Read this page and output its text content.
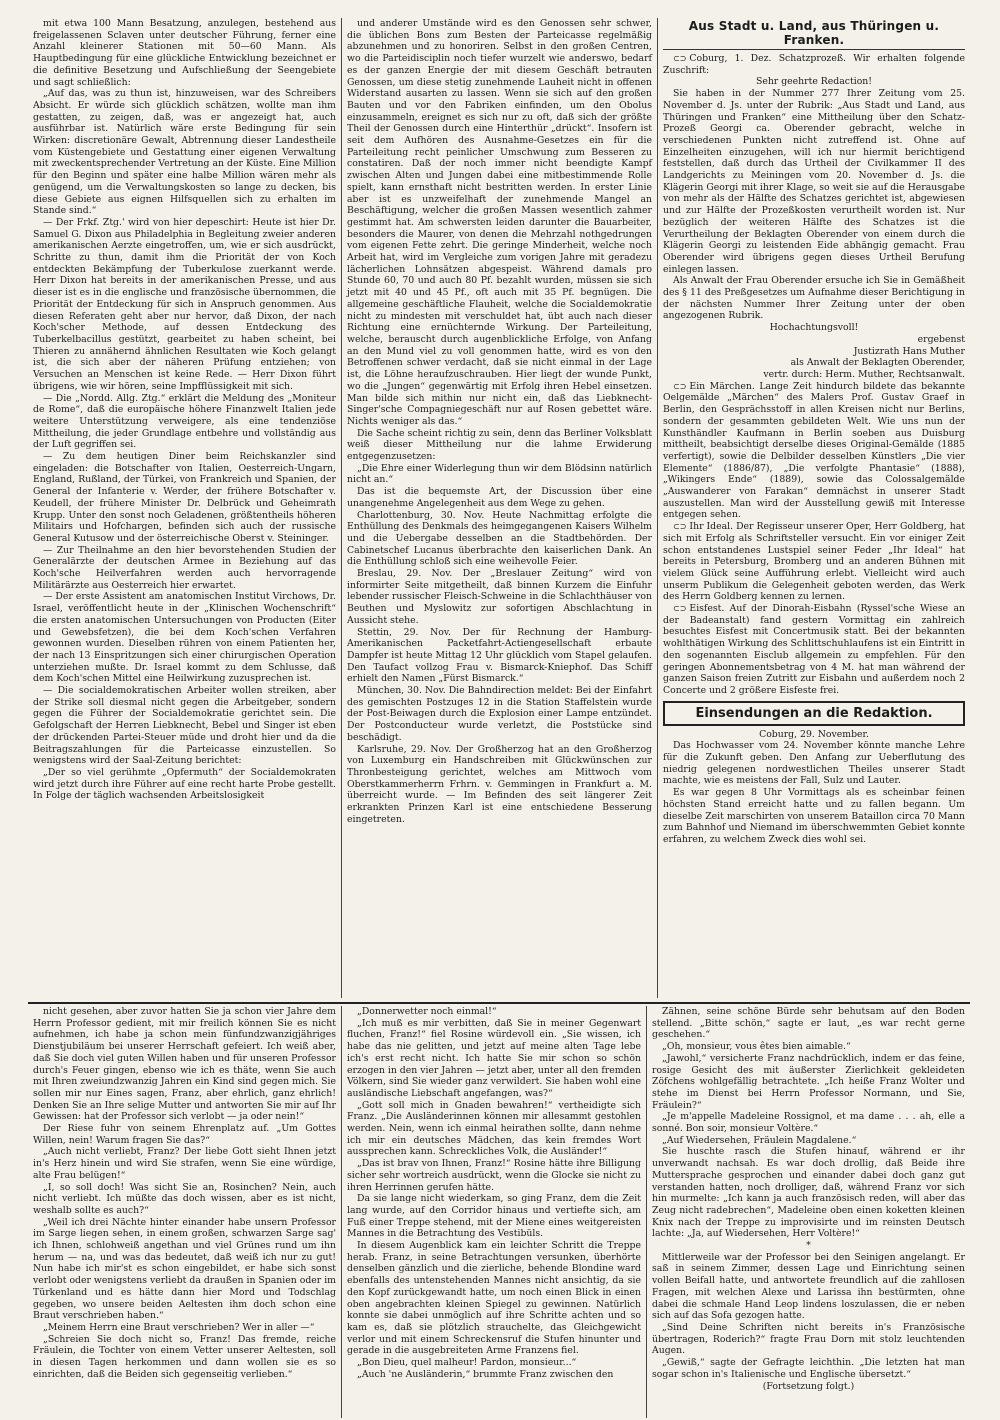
mit etwa 100 Mann Besatzung, anzulegen, bestehend aus freigelassenen Sclaven unter deutscher Führung, ferner eine Anzahl kleinerer Stationen mit 50—60 Mann. Als Hauptbedingung für eine glückliche Entwicklung bezeichnet er die definitive Besetzung und Aufschließung der Seengebiete und sagt schließlich:

„Auf das, was zu thun ist, hinzuweisen, war des Schreibers Absicht. Er würde sich glücklich schätzen, wollte man ihm gestatten, zu zeigen, daß, was er angezeigt hat, auch ausführbar ist. Natürlich wäre erste Bedingung für sein Wirken: discretionäre Gewalt, Abtrennung dieser Landestheile vom Küstengebiete und Gestattung einer eigenen Verwaltung mit zweckentsprechender Vertretung an der Küste. Eine Million für den Beginn und später eine halbe Million wären mehr als genügend, um die Verwaltungskosten so lange zu decken, bis diese Gebiete aus eignen Hilfsquellen sich zu erhalten im Stande sind.“

— Der Frkf. Ztg.' wird von hier depeschirt: Heute ist hier Dr. Samuel G. Dixon aus Philadelphia in Begleitung zweier anderen amerikanischen Aerzte eingetroffen, um, wie er sich ausdrückt, Schritte zu thun, damit ihm die Priorität der von Koch entdeckten Bekämpfung der Tuberkulose zuerkannt werde. Herr Dixon hat bereits in der amerikanischen Presse, und aus dieser ist es in die englische und französische übernommen, die Priorität der Entdeckung für sich in Anspruch genommen. Aus diesen Referaten geht aber nur hervor, daß Dixon, der nach Koch'scher Methode, auf dessen Entdeckung des Tuberkelbacillus gestützt, gearbeitet zu haben scheint, bei Thieren zu annähernd ähnlichen Resultaten wie Koch gelangt ist, die sich aber der näheren Prüfung entziehen; von Versuchen an Menschen ist keine Rede. — Herr Dixon führt übrigens, wie wir hören, seine Impfflüssigkeit mit sich.

— Die „Nordd. Allg. Ztg.“ erklärt die Meldung des „Moniteur de Rome“, daß die europäische höhere Finanzwelt Italien jede weitere Unterstützung verweigere, als eine tendenziöse Mittheilung, die jeder Grundlage entbehre und vollständig aus der Luft gegriffen sei.

— Zu dem heutigen Diner beim Reichskanzler sind eingeladen: die Botschafter von Italien, Oesterreich-Ungarn, England, Rußland, der Türkei, von Frankreich und Spanien, der General der Infanterie v. Werder, der frühere Botschafter v. Keudell, der frühere Minister Dr. Delbrück und Geheimrath Krupp. Unter den sonst noch Geladenen, größtentheils höheren Militairs und Hofchargen, befinden sich auch der russische General Kutusow und der österreichische Oberst v. Steininger.

— Zur Theilnahme an den hier bevorstehenden Studien der Generalärzte der deutschen Armee in Beziehung auf das Koch'sche Heilverfahren werden auch hervorragende Militärärzte aus Oesterreich hier erwartet.

— Der erste Assistent am anatomischen Institut Virchows, Dr. Israel, veröffentlicht heute in der „Klinischen Wochenschrift“ die ersten anatomischen Untersuchungen von Producten (Eiter und Gewebsfetzen), die bei dem Koch'schen Verfahren gewonnen wurden. Dieselben rühren von einem Patienten her, der nach 13 Einspritzungen sich einer chirurgischen Operation unterziehen mußte. Dr. Israel kommt zu dem Schlusse, daß dem Koch'schen Mittel eine Heilwirkung zuzusprechen ist.

— Die socialdemokratischen Arbeiter wollen streiken, aber der Strike soll diesmal nicht gegen die Arbeitgeber, sondern gegen die Führer der Socialdemokratie gerichtet sein. Die Gefolgschaft der Herren Liebknecht, Bebel und Singer ist eben der drückenden Partei-Steuer müde und droht hier und da die Beitragszahlungen für die Parteicasse einzustellen. So wenigstens wird der Saal-Zeitung berichtet:

„Der so viel gerühmte „Opfermuth“ der Socialdemokraten wird jetzt durch ihre Führer auf eine recht harte Probe gestellt. In Folge der täglich wachsenden Arbeitslosigkeit

und anderer Umstände wird es den Genossen sehr schwer, die üblichen Bons zum Besten der Parteicasse regelmäßig abzunehmen und zu honoriren. Selbst in den großen Centren, wo die Parteidisciplin noch tiefer wurzelt wie anderswo, bedarf es der ganzen Energie der mit diesem Geschäft betrauten Genossen, um diese stetig zunehmende Lauheit nicht in offenen Widerstand ausarten zu lassen. Wenn sie sich auf den großen Bauten und vor den Fabriken einfinden, um den Obolus einzusammeln, ereignet es sich nur zu oft, daß sich der größte Theil der Genossen durch eine Hinterthür „drückt“. Insofern ist seit dem Aufhören des Ausnahme-Gesetzes ein für die Parteileitung recht peinlicher Umschwung zum Besseren zu constatiren. Daß der noch immer nicht beendigte Kampf zwischen Alten und Jungen dabei eine mitbestimmende Rolle spielt, kann ernsthaft nicht bestritten werden. In erster Linie aber ist es unzweifelhaft der zunehmende Mangel an Beschäftigung, welcher die großen Massen wesentlich zahmer gestimmt hat. Am schwersten leiden darunter die Bauarbeiter, besonders die Maurer, von denen die Mehrzahl nothgedrungen vom eigenen Fette zehrt. Die geringe Minderheit, welche noch Arbeit hat, wird im Vergleiche zum vorigen Jahre mit geradezu lächerlichen Lohnsätzen abgespeist. Während damals pro Stunde 60, 70 und auch 80 Pf. bezahlt wurden, müssen sie sich jetzt mit 40 und 45 Pf., oft auch mit 35 Pf. begnügen. Die allgemeine geschäftliche Flauheit, welche die Socialdemokratie nicht zu mindesten mit verschuldet hat, übt auch nach dieser Richtung eine ernüchternde Wirkung. Der Parteileitung, welche, berauscht durch augenblickliche Erfolge, von Anfang an den Mund viel zu voll genommen hatte, wird es von den Betroffenen schwer verdacht, daß sie nicht einmal in der Lage ist, die Löhne heraufzuschrauben. Hier liegt der wunde Punkt, wo die „Jungen“ gegenwärtig mit Erfolg ihren Hebel einsetzen. Man bilde sich mithin nur nicht ein, daß das Liebknecht-Singer'sche Compagniegeschäft nur auf Rosen gebettet wäre. Nichts weniger als das.“

Die Sache scheint richtig zu sein, denn das Berliner Volksblatt weiß dieser Mittheilung nur die lahme Erwiderung entgegenzusetzen:

„Die Ehre einer Widerlegung thun wir dem Blödsinn natürlich nicht an.“

Das ist die bequemste Art, der Discussion über eine unangenehme Angelegenheit aus dem Wege zu gehen.

Charlottenburg, 30. Nov. Heute Nachmittag erfolgte die Enthüllung des Denkmals des heimgegangenen Kaisers Wilhelm und die Uebergabe desselben an die Stadtbehörden. Der Cabinetschef Lucanus überbrachte den kaiserlichen Dank. An die Enthüllung schloß sich eine weihevolle Feier.

Breslau, 29. Nov. Der „Breslauer Zeitung“ wird von informirter Seite mitgetheilt, daß binnen Kurzem die Einfuhr lebender russischer Fleisch-Schweine in die Schlachthäuser von Beuthen und Myslowitz zur sofortigen Abschlachtung in Aussicht stehe.

Stettin, 29. Nov. Der für Rechnung der Hamburg-Amerikanischen Packetfahrt-Actiengesellschaft erbaute Dampfer ist heute Mittag 12 Uhr glücklich vom Stapel gelaufen. Den Taufact vollzog Frau v. Bismarck-Kniephof. Das Schiff erhielt den Namen „Fürst Bismarck.“

München, 30. Nov. Die Bahndirection meldet: Bei der Einfahrt des gemischten Postzuges 12 in die Station Staffelstein wurde der Post-Beiwagen durch die Explosion einer Lampe entzündet. Der Postconducteur wurde verletzt, die Poststücke sind beschädigt.

Karlsruhe, 29. Nov. Der Großherzog hat an den Großherzog von Luxemburg ein Handschreiben mit Glückwünschen zur Thronbesteigung gerichtet, welches am Mittwoch vom Oberstkammerherrn Frhrn. v. Gemmingen in Frankfurt a. M. überreicht wurde. — Im Befinden des seit längerer Zeit erkrankten Prinzen Karl ist eine entschiedene Besserung eingetreten.

Aus Stadt u. Land, aus Thüringen u. Franken.
⊂⊃ Coburg, 1. Dez. Schatzprozeß. Wir erhalten folgende Zuschrift:
Sehr geehrte Redaction!
Sie haben in der Nummer 277 Ihrer Zeitung vom 25. November d. Js. unter der Rubrik: „Aus Stadt und Land, aus Thüringen und Franken“ eine Mittheilung über den Schatz-Prozeß Georgi ca. Oberender gebracht, welche in verschiedenen Punkten nicht zutreffend ist. Ohne auf Einzelheiten einzugehen, will ich nur hiermit berichtigend feststellen, daß durch das Urtheil der Civilkammer II des Landgerichts zu Meiningen vom 20. November d. Js. die Klägerin Georgi mit ihrer Klage, so weit sie auf die Herausgabe von mehr als der Hälfte des Schatzes gerichtet ist, abgewiesen und zur Hälfte der Prozeßkosten verurtheilt worden ist. Nur bezüglich der weiteren Hälfte des Schatzes ist die Verurtheilung der Beklagten Oberender von einem durch die Klägerin Georgi zu leistenden Eide abhängig gemacht. Frau Oberender wird übrigens gegen dieses Urtheil Berufung einlegen lassen.
Als Anwalt der Frau Oberender ersuche ich Sie in Gemäßheit des § 11 des Preßgesetzes um Aufnahme dieser Berichtigung in der nächsten Nummer Ihrer Zeitung unter der oben angezogenen Rubrik.
Hochachtungsvoll!
ergebenst
Justizrath Hans Muther
als Anwalt der Beklagten Oberender,
vertr. durch: Herm. Muther, Rechtsanwalt.
⊂⊃ Ein Märchen. Lange Zeit hindurch bildete das bekannte Oelgemälde „Märchen“ des Malers Prof. Gustav Graef in Berlin, den Gesprächsstoff in allen Kreisen nicht nur Berlins, sondern der gesammten gebildeten Welt. Wie uns nun der Kunsthändler Kaufmann in Berlin soeben aus Duisburg mittheilt, beabsichtigt derselbe dieses Original-Gemälde (1885 verfertigt), sowie die Delbilder desselben Künstlers „Die vier Elemente“ (1886/87), „Die verfolgte Phantasie“ (1888), „Wikingers Ende“ (1889), sowie das Colossalgemälde „Auswanderer von Farakan“ demnächst in unserer Stadt auszustellen. Man wird der Ausstellung gewiß mit Interesse entgegen sehen.
⊂⊃ Ihr Ideal. Der Regisseur unserer Oper, Herr Goldberg, hat sich mit Erfolg als Schriftsteller versucht. Ein vor einiger Zeit schon entstandenes Lustspiel seiner Feder „Ihr Ideal“ hat bereits in Petersburg, Bromberg und an anderen Bühnen mit vielem Glück seine Aufführung erlebt. Vielleicht wird auch unserm Publikum die Gelegenheit geboten werden, das Werk des Herrn Goldberg kennen zu lernen.
⊂⊃ Eisfest. Auf der Dinorah-Eisbahn (Ryssel'sche Wiese an der Badeanstalt) fand gestern Vormittag ein zahlreich besuchtes Eisfest mit Concertmusik statt. Bei der bekannten wohlthätigen Wirkung des Schlittschuhlaufens ist ein Eintritt in den sogenannten Eisclub allgemein zu empfehlen. Für den geringen Abonnementsbetrag von 4 M. hat man während der ganzen Saison freien Zutritt zur Eisbahn und außerdem noch 2 Concerte und 2 größere Eisfeste frei.
Einsendungen an die Redaktion.
Coburg, 29. November.
Das Hochwasser vom 24. November könnte manche Lehre für die Zukunft geben. Den Anfang zur Ueberflutung des niedrig gelegenen nordwestlichen Theiles unserer Stadt machte, wie es meistens der Fall, Sulz und Lauter.
Es war gegen 8 Uhr Vormittags als es scheinbar feinen höchsten Stand erreicht hatte und zu fallen begann. Um dieselbe Zeit marschirten von unserem Bataillon circa 70 Mann zum Bahnhof und Niemand im überschwemmten Gebiet konnte erfahren, zu welchem Zweck dies wohl sei.

nicht gesehen, aber zuvor hatten Sie ja schon vier Jahre dem Herrn Professor gedient, mit mir freilich können Sie es nicht aufnehmen, ich habe ja schon mein fünfundzwanzigjähriges Dienstjubiläum bei unserer Herrschaft gefeiert. Ich weiß aber, daß Sie doch viel guten Willen haben und für unseren Professor durch's Feuer gingen, ebenso wie ich es thäte, wenn Sie auch mit Ihren zweiundzwanzig Jahren ein Kind sind gegen mich. Sie sollen mir nur Eines sagen, Franz, aber ehrlich, ganz ehrlich! Denken Sie an Ihre selige Mutter und antworten Sie mir auf Ihr Gewissen: hat der Professor sich verlobt — ja oder nein!“

Der Riese fuhr von seinem Ehrenplatz auf. „Um Gottes Willen, nein! Warum fragen Sie das?“

„Auch nicht verliebt, Franz? Der liebe Gott sieht Ihnen jetzt in's Herz hinein und wird Sie strafen, wenn Sie eine würdige, alte Frau belügen!“

„I, so soll doch! Was sicht Sie an, Rosinchen? Nein, auch nicht verliebt. Ich müßte das doch wissen, aber es ist nicht, weshalb sollte es auch?“

„Weil ich drei Nächte hinter einander habe unsern Professor im Sarge liegen sehen, in einem großen, schwarzen Sarge sag' ich Ihnen, schlohweiß angethan und viel Grünes rund um ihn herum — na, und was das bedeutet, daß weiß ich nur zu gut! Nun habe ich mir'st es schon eingebildet, er habe sich sonst verlobt oder wenigstens verliebt da draußen in Spanien oder im Türkenland und es hätte dann hier Mord und Todschlag gegeben, wo unsere beiden Aeltesten ihm doch schon eine Braut verschrieben haben.“

„Meinem Herrn eine Braut verschrieben? Wer in aller —“

„Schreien Sie doch nicht so, Franz! Das fremde, reiche Fräulein, die Tochter von einem Vetter unserer Aeltesten, soll in diesen Tagen herkommen und dann wollen sie es so einrichten, daß die Beiden sich gegenseitig verlieben.“

„Donnerwetter noch einmal!“

„Ich muß es mir verbitten, daß Sie in meiner Gegenwart fluchen, Franz!“ fiel Rosine würdevoll ein. „Sie wissen, ich habe das nie gelitten, und jetzt auf meine alten Tage lebe ich's erst recht nicht. Ich hatte Sie mir schon so schön erzogen in den vier Jahren — jetzt aber, unter all den fremden Völkern, sind Sie wieder ganz verwildert. Sie haben wohl eine ausländische Liebschaft angefangen, was?“

„Gott soll mich in Gnaden bewahren!“ vertheidigte sich Franz. „Die Ausländerinnen können mir allesammt gestohlen werden. Nein, wenn ich einmal heirathen sollte, dann nehme ich mir ein deutsches Mädchen, das kein fremdes Wort aussprechen kann. Schreckliches Volk, die Ausländer!“

„Das ist brav von Ihnen, Franz!“ Rosine hätte ihre Billigung sicher sehr wortreich ausdrückt, wenn die Glocke sie nicht zu ihren Herrinnen gerufen hätte.

Da sie lange nicht wiederkam, so ging Franz, dem die Zeit lang wurde, auf den Corridor hinaus und vertiefte sich, am Fuß einer Treppe stehend, mit der Miene eines weitgereisten Mannes in die Betrachtung des Vestibüls.

In diesem Augenblick kam ein leichter Schritt die Treppe herab. Franz, in seine Betrachtungen versunken, überhörte denselben gänzlich und die zierliche, behende Blondine ward ebenfalls des untenstehenden Mannes nicht ansichtig, da sie den Kopf zurückgewandt hatte, um noch einen Blick in einen oben angebrachten kleinen Spiegel zu gewinnen. Natürlich konnte sie dabei unmöglich auf ihre Schritte achten und so kam es, daß sie plötzlich strauchelte, das Gleichgewicht verlor und mit einem Schreckensruf die Stufen hinunter und gerade in die ausgebreiteten Arme Franzens fiel.

„Bon Dieu, quel malheur! Pardon, monsieur...“

„Auch 'ne Ausländerin,“ brummte Franz zwischen den

Zähnen, seine schöne Bürde sehr behutsam auf den Boden stellend. „Bitte schön,“ sagte er laut, „es war recht gerne geschehen.“

„Oh, monsieur, vous êtes bien aimable.“

„Jawohl,“ versicherte Franz nachdrücklich, indem er das feine, rosige Gesicht des mit äußerster Zierlichkeit gekleideten Zöfchens wohlgefällig betrachtete. „Ich heiße Franz Wolter und stehe im Dienst bei Herrn Professor Normann, und Sie, Fräulein?“

„Je m'appelle Madeleine Rossignol, et ma dame . . . ah, elle a sonné. Bon soir, monsieur Voltère.“

„Auf Wiedersehen, Fräulein Magdalene.“

Sie huschte rasch die Stufen hinauf, während er ihr unverwandt nachsah. Es war doch drollig, daß Beide ihre Muttersprache gesprochen und einander dabei doch ganz gut verstanden hatten, noch drolliger, daß, während Franz vor sich hin murmelte: „Ich kann ja auch französisch reden, will aber das Zeug nicht radebrechen“, Madeleine oben einen koketten kleinen Knix nach der Treppe zu improvisirte und im reinsten Deutsch lachte: „Ja, auf Wiedersehen, Herr Voltère!“

*

Mittlerweile war der Professor bei den Seinigen angelangt. Er saß in seinem Zimmer, dessen Lage und Einrichtung seinen vollen Beifall hatte, und antwortete freundlich auf die zahllosen Fragen, mit welchen Alexe und Larissa ihn bestürmten, ohne dabei die schmale Hand Leop lindens loszulassen, die er neben sich auf das Sofa gezogen hatte.

„Sind Deine Schriften nicht bereits in's Französische übertragen, Roderich?“ fragte Frau Dorn mit stolz leuchtenden Augen.

„Gewiß,“ sagte der Gefragte leichthin. „Die letzten hat man sogar schon in's Italienische und Englische übersetzt.“

(Fortsetzung folgt.)
